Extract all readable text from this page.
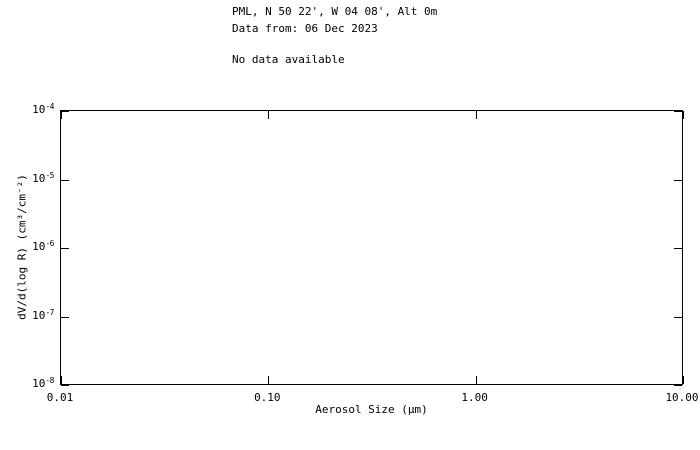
PML, N 50 22', W 04 08', Alt 0m
Data from: 06 Dec 2023
No data available
0.01	0.10	1.00	10.00
$10^{-4}$
$10^{-5}$
$10^{-6}$
$10^{-7}$
$10^{-8}$
Aerosol Size (μm)
dV/d(log R) (cm³/cm⁻²)
